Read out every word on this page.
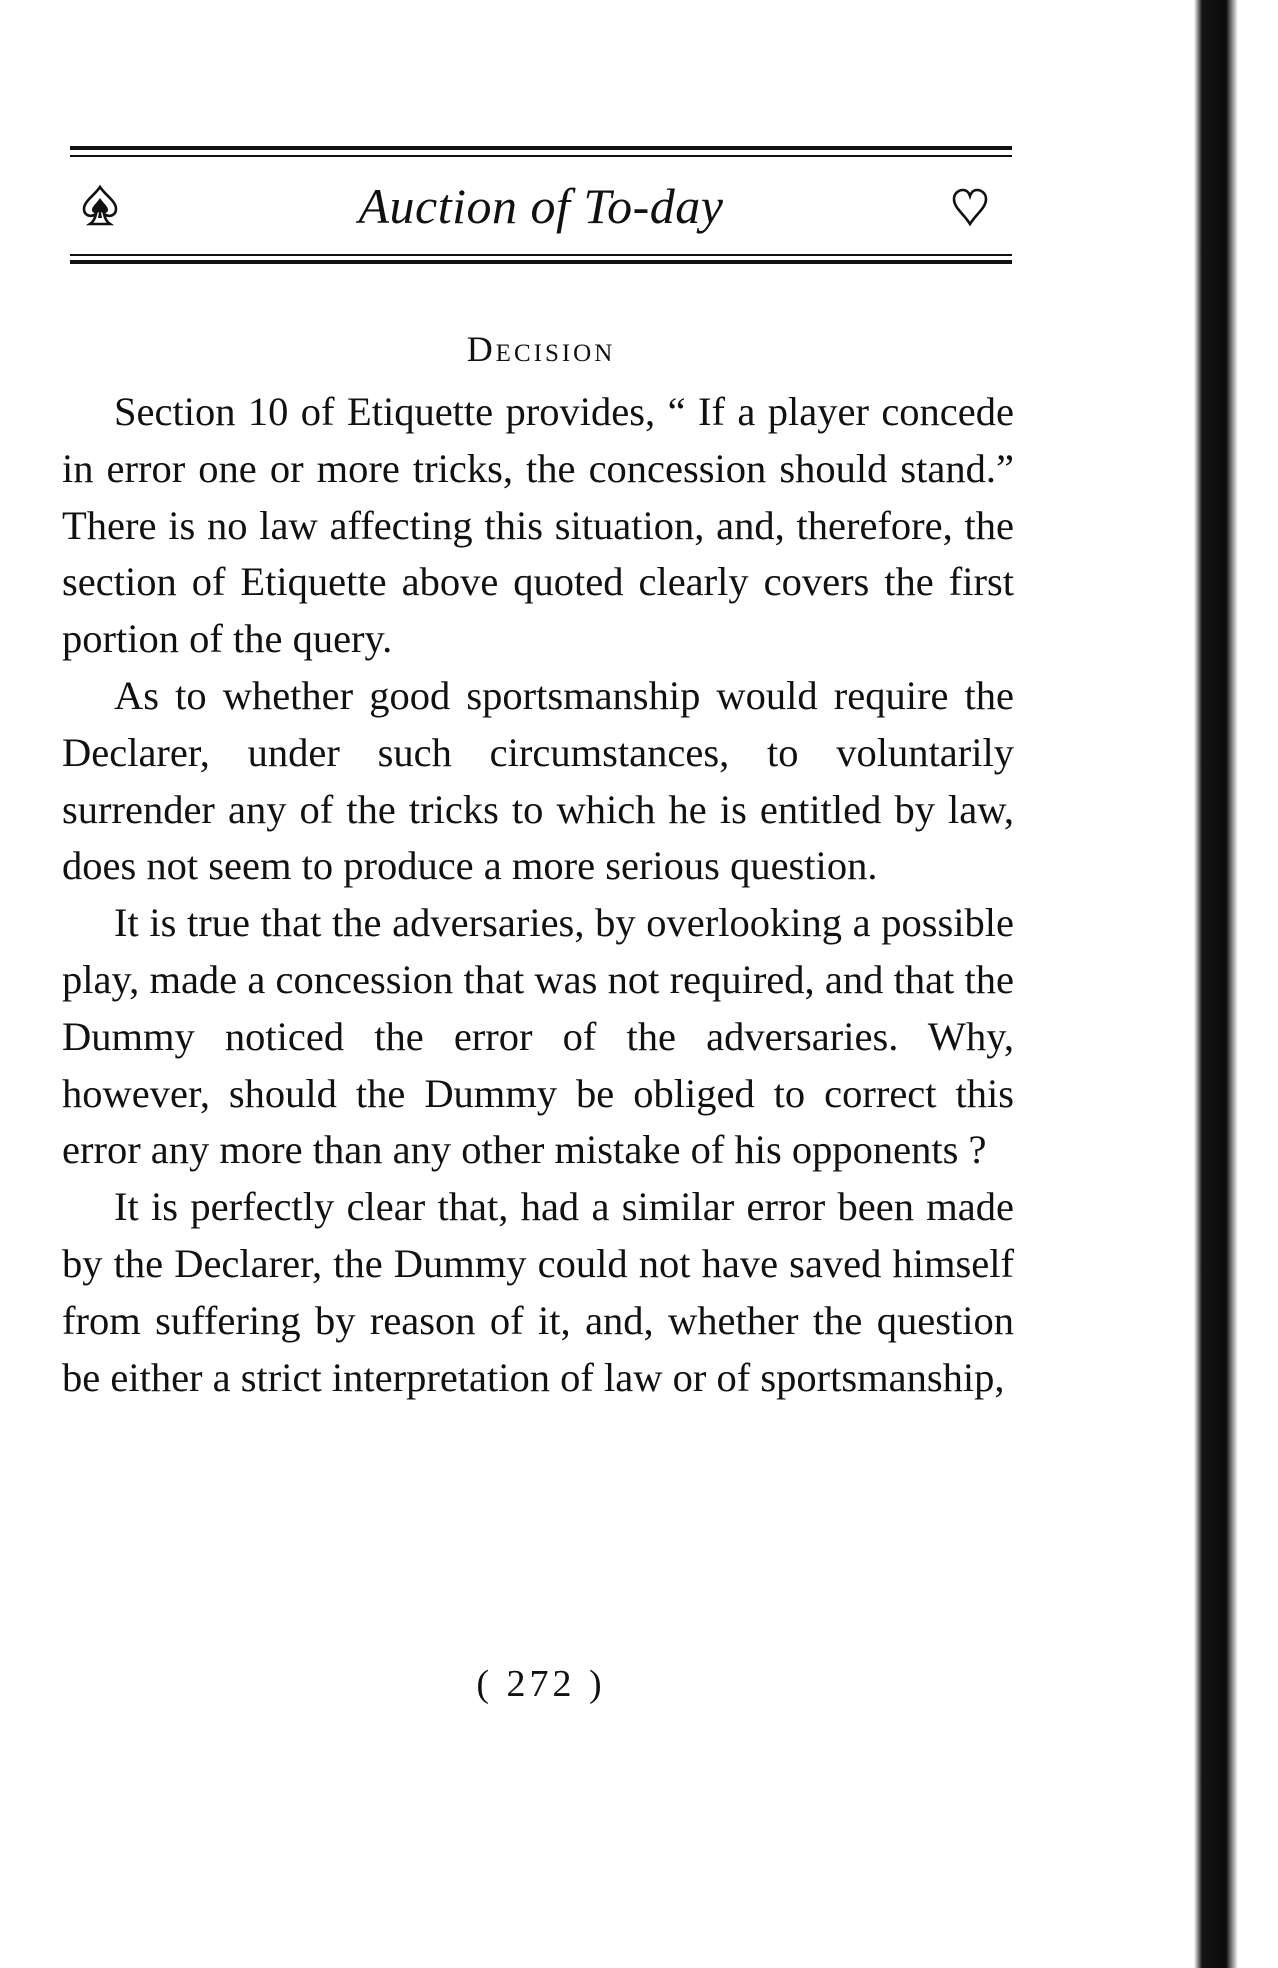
Auction of To-day
Decision

Section 10 of Etiquette provides, “ If a player concede in error one or more tricks, the concession should stand.” There is no law affecting this situation, and, therefore, the section of Etiquette above quoted clearly covers the first portion of the query.

As to whether good sportsmanship would require the Declarer, under such circumstances, to voluntarily surrender any of the tricks to which he is entitled by law, does not seem to produce a more serious question.

It is true that the adversaries, by overlooking a possible play, made a concession that was not required, and that the Dummy noticed the error of the adversaries. Why, however, should the Dummy be obliged to correct this error any more than any other mistake of his opponents ?

It is perfectly clear that, had a similar error been made by the Declarer, the Dummy could not have saved himself from suffering by reason of it, and, whether the question be either a strict interpretation of law or of sportsmanship,

( 272 )
